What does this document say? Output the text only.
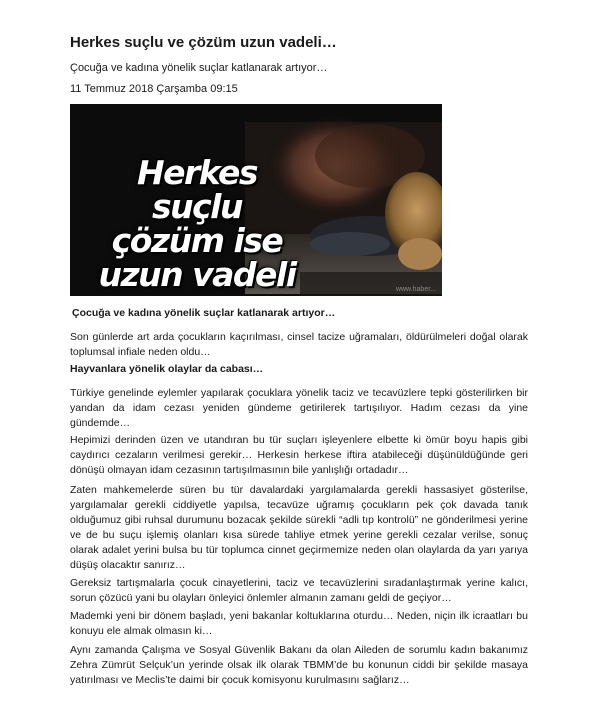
Herkes suçlu ve çözüm uzun vadeli…
Çocuğa ve kadına yönelik suçlar katlanarak artıyor…
11 Temmuz 2018 Çarşamba 09:15
Herkes suçlu
çözüm ise
uzun vadeli	www.haber...
Çocuğa ve kadına yönelik suçlar katlanarak artıyor…
Son günlerde art arda çocukların kaçırılması, cinsel tacize uğramaları, öldürülmeleri doğal olarak toplumsal infiale neden oldu…
Hayvanlara yönelik olaylar da cabası…
Türkiye genelinde eylemler yapılarak çocuklara yönelik taciz ve tecavüzlere tepki gösterilirken bir yandan da idam cezası yeniden gündeme getirilerek tartışılıyor. Hadım cezası da yine gündemde…
Hepimizi derinden üzen ve utandıran bu tür suçları işleyenlere elbette ki ömür boyu hapis gibi caydırıcı cezaların verilmesi gerekir… Herkesin herkese iftira atabileceği düşünüldüğünde geri dönüşü olmayan idam cezasının tartışılmasının bile yanlışlığı ortadadır…
Zaten mahkemelerde süren bu tür davalardaki yargılamalarda gerekli hassasiyet gösterilse, yargılamalar gerekli ciddiyetle yapılsa, tecavüze uğramış çocukların pek çok davada tanık olduğumuz gibi ruhsal durumunu bozacak şekilde sürekli “adli tıp kontrolü” ne gönderilmesi yerine ve de bu suçu işlemiş olanları kısa sürede tahliye etmek yerine gerekli cezalar verilse, sonuç olarak adalet yerini bulsa bu tür toplumca cinnet geçirmemize neden olan olaylarda da yarı yarıya düşüş olacaktır sanırız…
Gereksiz tartışmalarla çocuk cinayetlerini, taciz ve tecavüzlerini sıradanlaştırmak yerine kalıcı, sorun çözücü yani bu olayları önleyici önlemler almanın zamanı geldi de geçiyor…
Mademki yeni bir dönem başladı, yeni bakanlar koltuklarına oturdu… Neden, niçin ilk icraatları bu konuyu ele almak olmasın ki…
Aynı zamanda Çalışma ve Sosyal Güvenlik Bakanı da olan Aileden de sorumlu kadın bakanımız Zehra Zümrüt Selçuk’un yerinde olsak ilk olarak TBMM’de bu konunun ciddi bir şekilde masaya yatırılması ve Meclis’te daimi bir çocuk komisyonu kurulmasını sağlarız…
